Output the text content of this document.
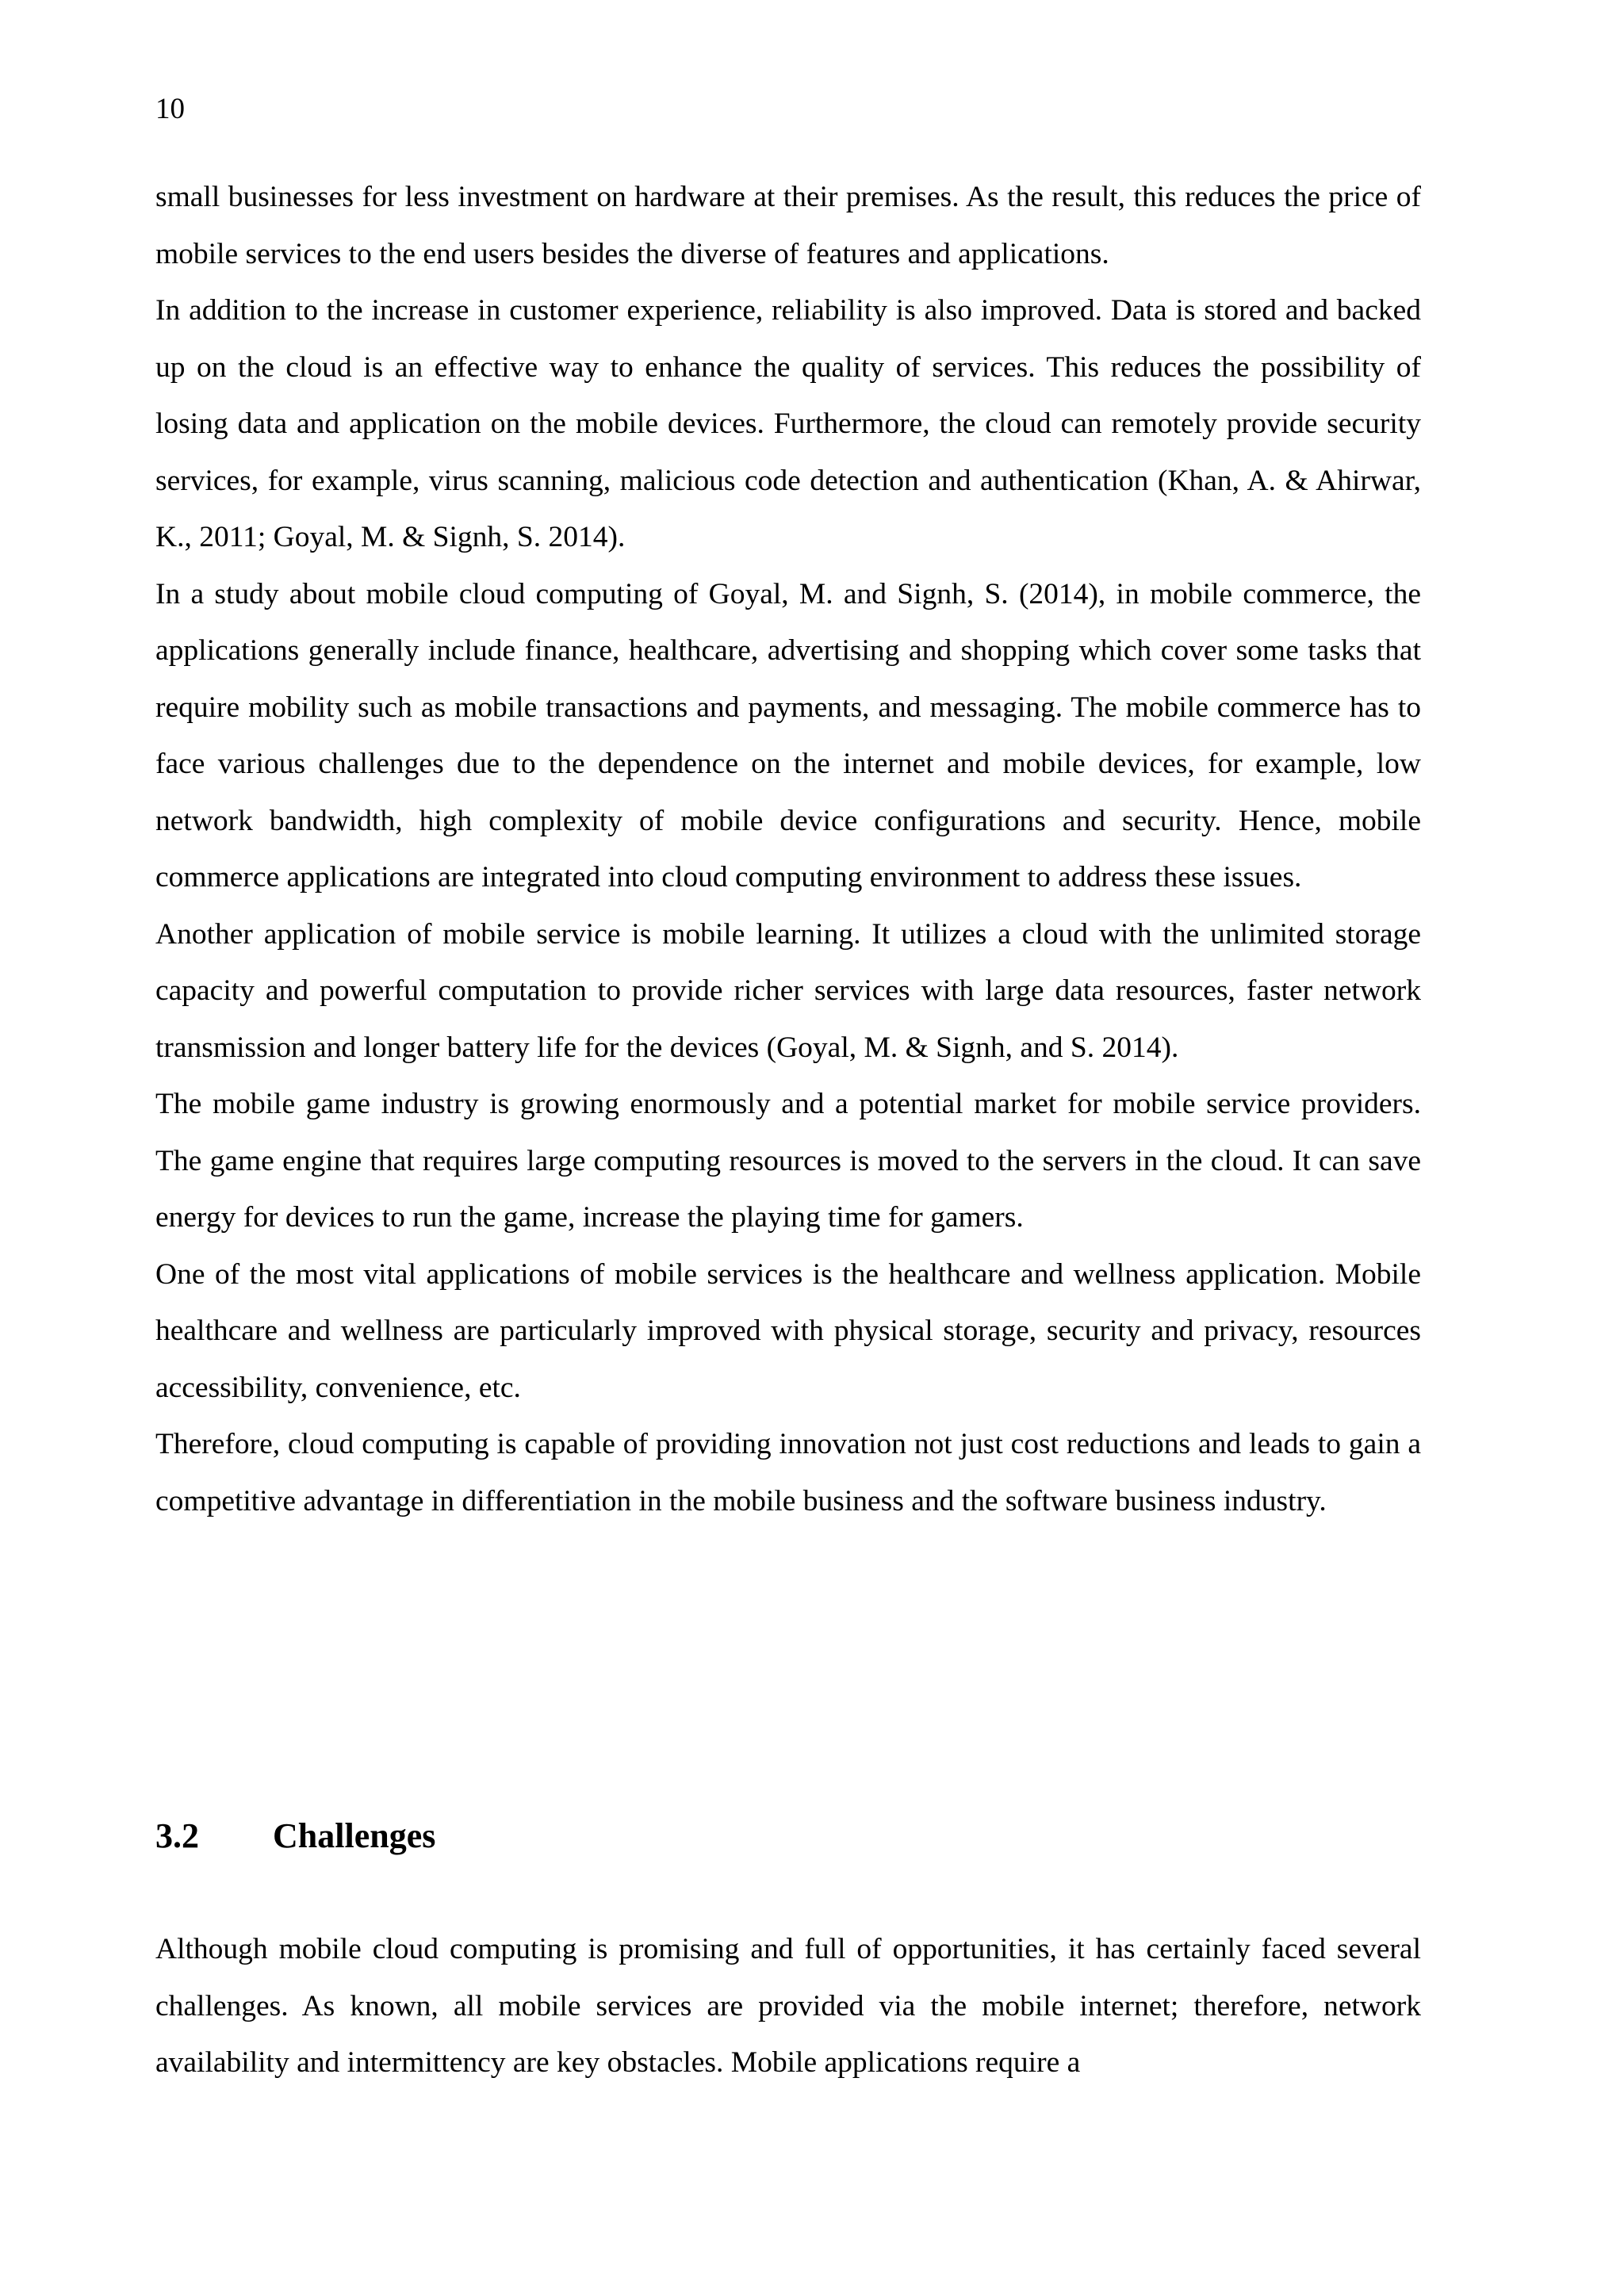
10

small businesses for less investment on hardware at their premises. As the result, this reduces the price of mobile services to the end users besides the diverse of features and applications.

In addition to the increase in customer experience, reliability is also improved. Data is stored and backed up on the cloud is an effective way to enhance the quality of services. This reduces the possibility of losing data and application on the mobile devices. Furthermore, the cloud can remotely provide security services, for example, virus scanning, malicious code detection and authentication (Khan, A. & Ahirwar, K., 2011; Goyal, M. & Signh, S. 2014).

In a study about mobile cloud computing of Goyal, M. and Signh, S. (2014), in mobile commerce, the applications generally include finance, healthcare, advertising and shopping which cover some tasks that require mobility such as mobile transactions and payments, and messaging. The mobile commerce has to face various challenges due to the dependence on the internet and mobile devices, for example, low network bandwidth, high complexity of mobile device configurations and security. Hence, mobile commerce applications are integrated into cloud computing environment to address these issues.

Another application of mobile service is mobile learning. It utilizes a cloud with the unlimited storage capacity and powerful computation to provide richer services with large data resources, faster network transmission and longer battery life for the devices (Goyal, M. & Signh, and S. 2014).

The mobile game industry is growing enormously and a potential market for mobile service providers. The game engine that requires large computing resources is moved to the servers in the cloud. It can save energy for devices to run the game, increase the playing time for gamers.

One of the most vital applications of mobile services is the healthcare and wellness application. Mobile healthcare and wellness are particularly improved with physical storage, security and privacy, resources accessibility, convenience, etc.

Therefore, cloud computing is capable of providing innovation not just cost reductions and leads to gain a competitive advantage in differentiation in the mobile business and the software business industry.

3.2	Challenges

Although mobile cloud computing is promising and full of opportunities, it has certainly faced several challenges. As known, all mobile services are provided via the mobile internet; therefore, network availability and intermittency are key obstacles. Mobile applications require a
